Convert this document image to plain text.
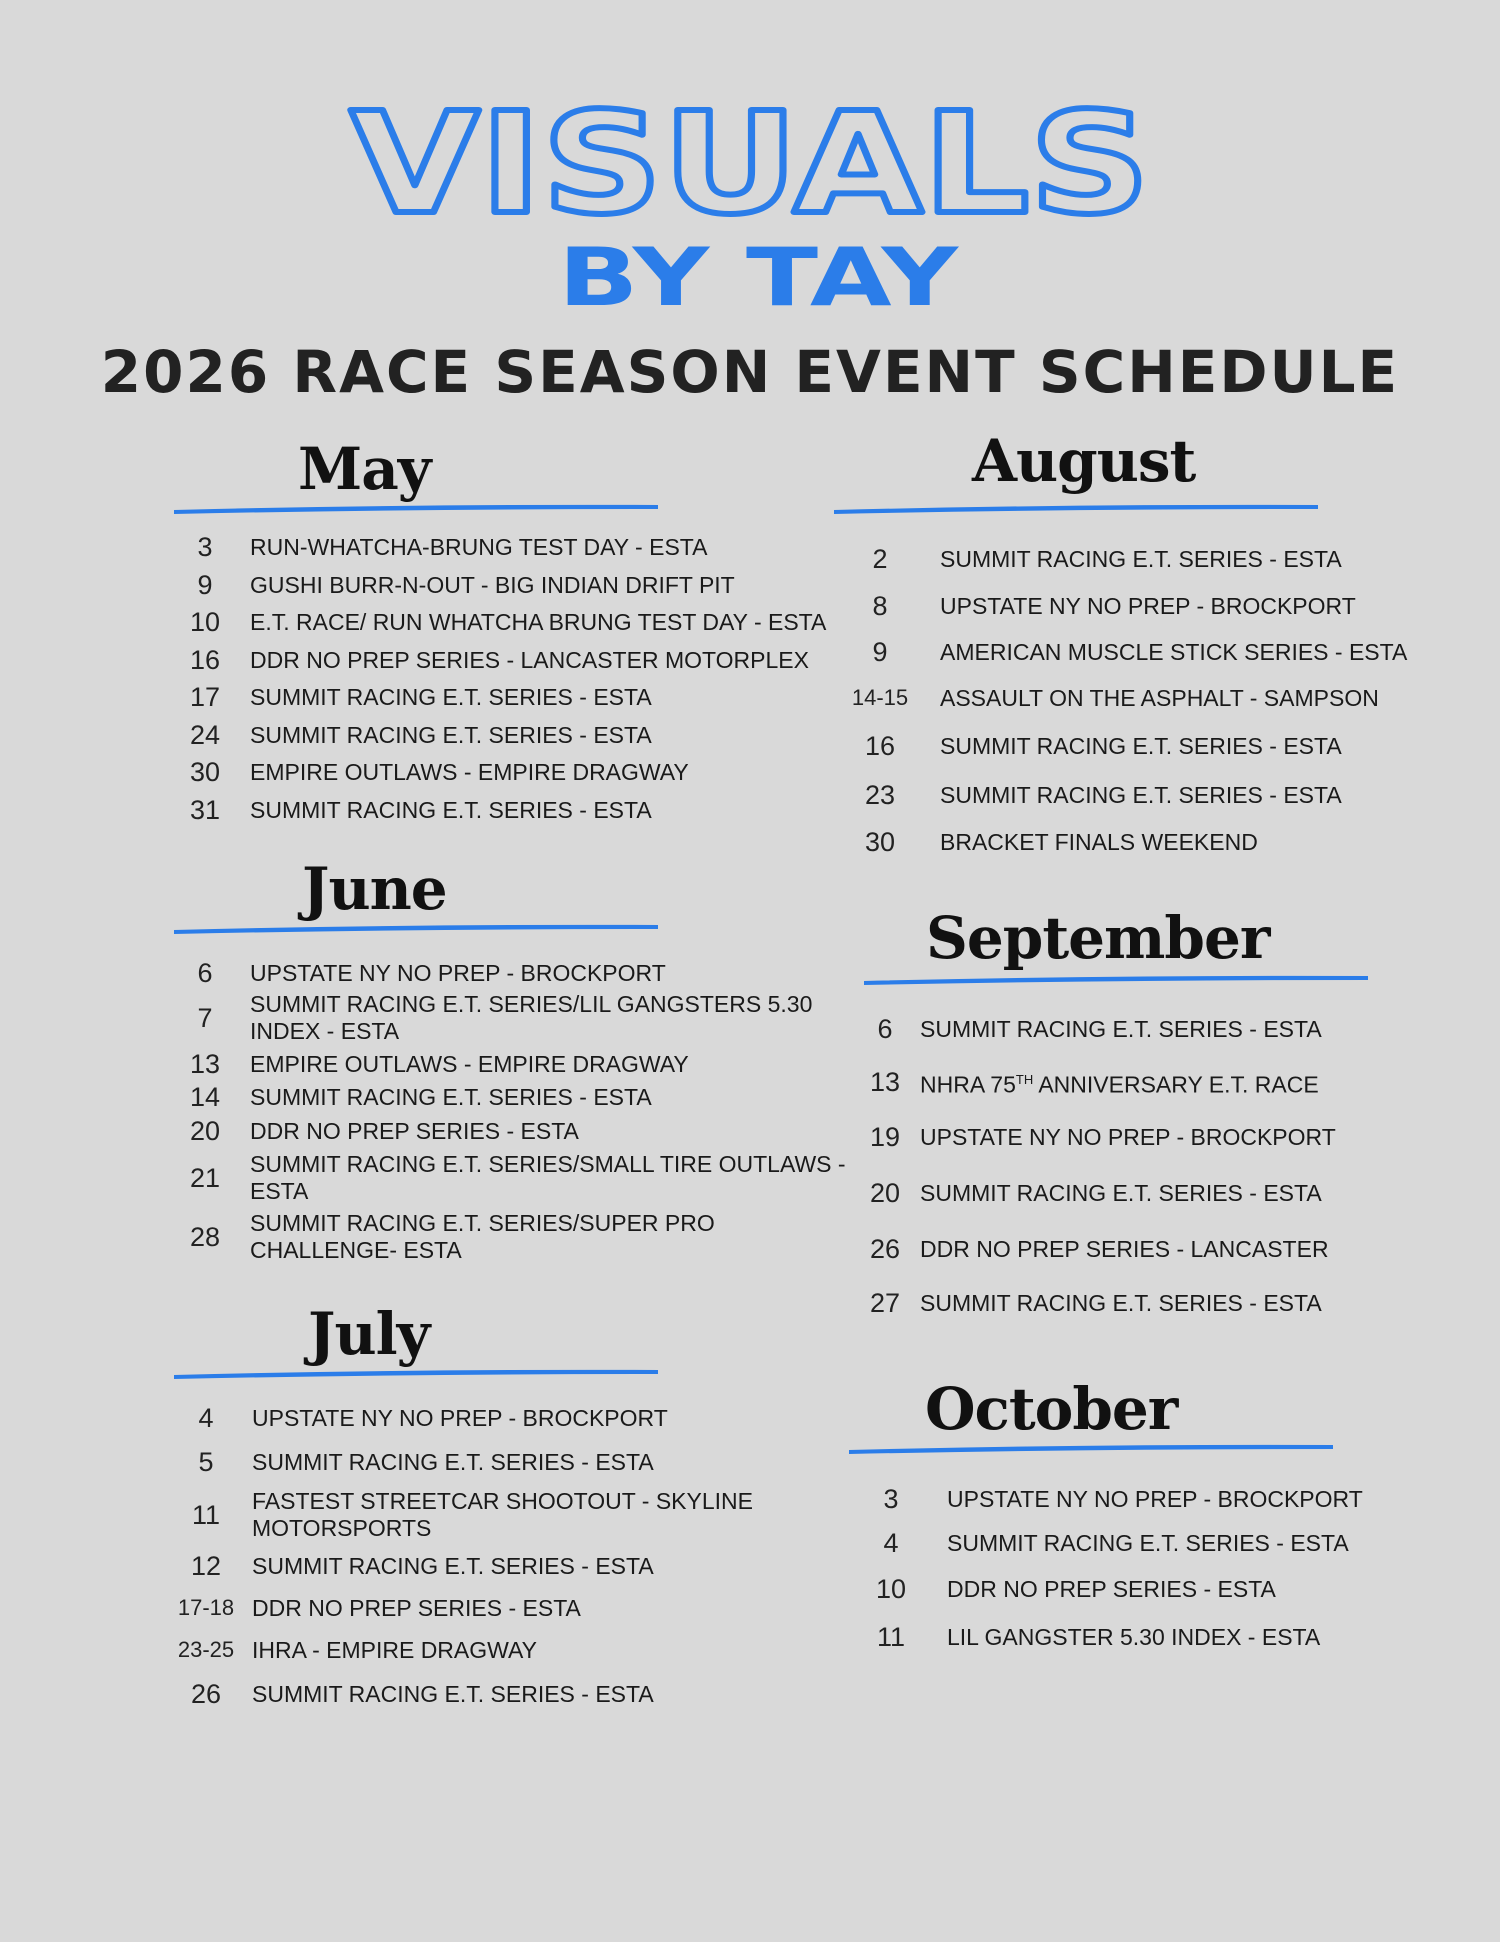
VISUALS
BY TAY
2026 RACE SEASON EVENT SCHEDULE
May
3	RUN-WHATCHA-BRUNG TEST DAY - ESTA
9	GUSHI BURR-N-OUT - BIG INDIAN DRIFT PIT
10	E.T. RACE/ RUN WHATCHA BRUNG TEST DAY - ESTA
16	DDR NO PREP SERIES - LANCASTER MOTORPLEX
17	SUMMIT RACING E.T. SERIES - ESTA
24	SUMMIT RACING E.T. SERIES - ESTA
30	EMPIRE OUTLAWS - EMPIRE DRAGWAY
31	SUMMIT RACING E.T. SERIES - ESTA
June
6	UPSTATE NY NO PREP - BROCKPORT
7	SUMMIT RACING E.T. SERIES/LIL GANGSTERS 5.30 INDEX - ESTA
13	EMPIRE OUTLAWS - EMPIRE DRAGWAY
14	SUMMIT RACING E.T. SERIES - ESTA
20	DDR NO PREP SERIES - ESTA
21	SUMMIT RACING E.T. SERIES/SMALL TIRE OUTLAWS - ESTA
28	SUMMIT RACING E.T. SERIES/SUPER PRO CHALLENGE- ESTA
July
4	UPSTATE NY NO PREP - BROCKPORT
5	SUMMIT RACING E.T. SERIES - ESTA
11	FASTEST STREETCAR SHOOTOUT - SKYLINE MOTORSPORTS
12	SUMMIT RACING E.T. SERIES - ESTA
17-18 DDR NO PREP SERIES - ESTA
23-25 IHRA - EMPIRE DRAGWAY
26	SUMMIT RACING E.T. SERIES - ESTA
August
2	SUMMIT RACING E.T. SERIES - ESTA
8	UPSTATE NY NO PREP - BROCKPORT
9	AMERICAN MUSCLE STICK SERIES - ESTA
14-15	ASSAULT ON THE ASPHALT - SAMPSON
16	SUMMIT RACING E.T. SERIES - ESTA
23	SUMMIT RACING E.T. SERIES - ESTA
30	BRACKET FINALS WEEKEND
September
6	SUMMIT RACING E.T. SERIES - ESTA
13 NHRA 75TH ANNIVERSARY E.T. RACE
19 UPSTATE NY NO PREP - BROCKPORT
20 SUMMIT RACING E.T. SERIES - ESTA
26 DDR NO PREP SERIES - LANCASTER
27 SUMMIT RACING E.T. SERIES - ESTA
October
3	UPSTATE NY NO PREP - BROCKPORT
4	SUMMIT RACING E.T. SERIES - ESTA
10	DDR NO PREP SERIES - ESTA
11	LIL GANGSTER 5.30 INDEX - ESTA
